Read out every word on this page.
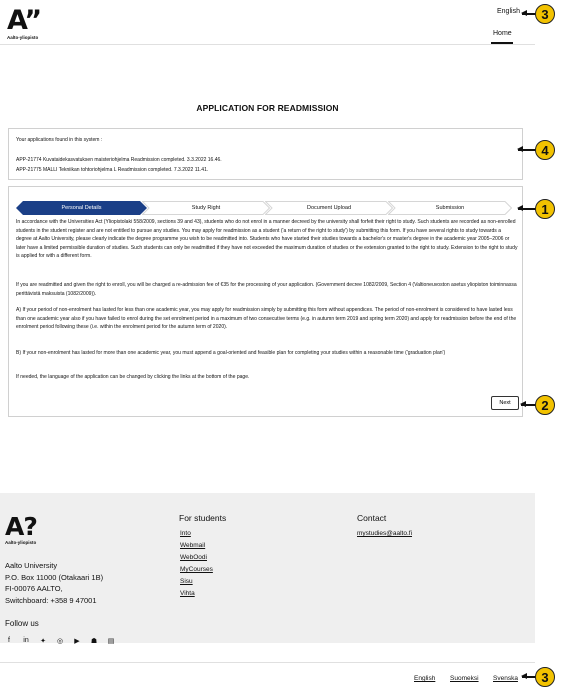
A”
Aalto-yliopisto
English
Home
APPLICATION FOR READMISSION
Your applications found in this system :
APP-21774 Kuvataidekasvatuksen maisteriohjelma Readmission completed. 3.3.2022 16.46.
APP-21775 MALLI Tekniikan tohtoriohjelma L Readmission completed. 7.3.2022 11.41.
Personal Details	Study Right	Document Upload	Submission

In accordance with the Universities Act (Yliopistolaki 558/2009, sections 39 and 43), students who do not enrol in a manner decreed by the university shall forfeit their right to study. Such students are recorded as non-enrolled students in the student register and are not entitled to pursue any studies. You may apply for readmission as a student ('a return of the right to study') by submitting this form. If you have several rights to study towards a degree at Aalto University, please clearly indicate the degree programme you wish to be readmitted into. Students who have started their studies towards a bachelor's or master's degree in the academic year 2005–2006 or later have a limited permissible duration of studies. Such students can only be readmitted if they have not exceeded the maximum duration of studies or the extension granted to the right to study. Extension to the right to study is applied for with a different form.

If you are readmitted and given the right to enroll, you will be charged a re-admission fee of €35 for the processing of your application. (Government decree 1082/2009, Section 4 (Valtioneuvoston asetus yliopiston toiminnassa perittävistä maksuista (1082/2009)).

A) If your period of non-enrolment has lasted for less than one academic year, you may apply for readmission simply by submitting this form without appendices. The period of non-enrolment is considered to have lasted less than one academic year also if you have failed to enrol during the set enrolment period in a maximum of two consecutive terms (e.g. in autumn term 2019 and spring term 2020) and apply for readmission before the end of the enrolment period following these (i.e. within the enrolment period for the autumn term of 2020).

B) If your non-enrolment has lasted for more than one academic year, you must append a goal-oriented and feasible plan for completing your studies within a reasonable time ('graduation plan')

If needed, the language of the application can be changed by clicking the links at the bottom of the page.

Next
A?
Aalto-yliopisto
Aalto University
P.O. Box 11000 (Otakaari 1B)
FI-00076 AALTO,
Switchboard: +358 9 47001
Follow us
f	in ✦ ◎ ▶ ☗ ▤
For students
Into
Webmail
WebOodi
MyCourses
Sisu
Vihta
Contact
mystudies@aalto.fi
English Suomeksi Svenska
3
4
1
2
3
